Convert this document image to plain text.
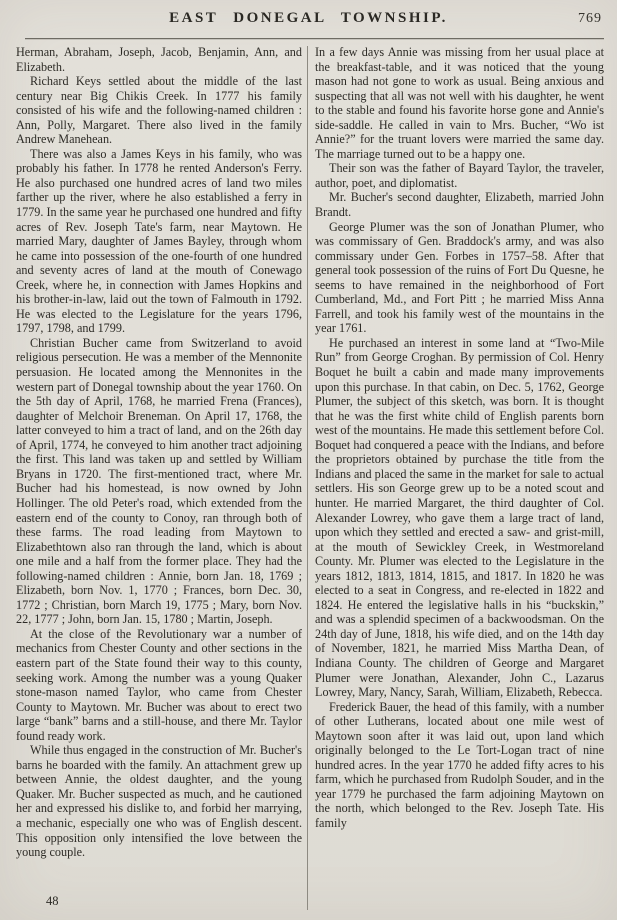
EAST DONEGAL TOWNSHIP.	769

Herman, Abraham, Joseph, Jacob, Benjamin, Ann, and Elizabeth.

Richard Keys settled about the middle of the last century near Big Chikis Creek. In 1777 his family consisted of his wife and the following-named children : Ann, Polly, Margaret. There also lived in the family Andrew Manehean.

There was also a James Keys in his family, who was probably his father. In 1778 he rented Anderson's Ferry. He also purchased one hundred acres of land two miles farther up the river, where he also established a ferry in 1779. In the same year he purchased one hundred and fifty acres of Rev. Joseph Tate's farm, near Maytown. He married Mary, daughter of James Bayley, through whom he came into possession of the one-fourth of one hundred and seventy acres of land at the mouth of Conewago Creek, where he, in connection with James Hopkins and his brother-in-law, laid out the town of Falmouth in 1792. He was elected to the Legislature for the years 1796, 1797, 1798, and 1799.

Christian Bucher came from Switzerland to avoid religious persecution. He was a member of the Mennonite persuasion. He located among the Mennonites in the western part of Donegal township about the year 1760. On the 5th day of April, 1768, he married Frena (Frances), daughter of Melchoir Breneman. On April 17, 1768, the latter conveyed to him a tract of land, and on the 26th day of April, 1774, he conveyed to him another tract adjoining the first. This land was taken up and settled by William Bryans in 1720. The first-mentioned tract, where Mr. Bucher had his homestead, is now owned by John Hollinger. The old Peter's road, which extended from the eastern end of the county to Conoy, ran through both of these farms. The road leading from Maytown to Elizabethtown also ran through the land, which is about one mile and a half from the former place. They had the following-named children : Annie, born Jan. 18, 1769 ; Elizabeth, born Nov. 1, 1770 ; Frances, born Dec. 30, 1772 ; Christian, born March 19, 1775 ; Mary, born Nov. 22, 1777 ; John, born Jan. 15, 1780 ; Martin, Joseph.

At the close of the Revolutionary war a number of mechanics from Chester County and other sections in the eastern part of the State found their way to this county, seeking work. Among the number was a young Quaker stone-mason named Taylor, who came from Chester County to Maytown. Mr. Bucher was about to erect two large “bank” barns and a still-house, and there Mr. Taylor found ready work.

While thus engaged in the construction of Mr. Bucher's barns he boarded with the family. An attachment grew up between Annie, the oldest daughter, and the young Quaker. Mr. Bucher suspected as much, and he cautioned her and expressed his dislike to, and forbid her marrying, a mechanic, especially one who was of English descent. This opposition only intensified the love between the young couple.

In a few days Annie was missing from her usual place at the breakfast-table, and it was noticed that the young mason had not gone to work as usual. Being anxious and suspecting that all was not well with his daughter, he went to the stable and found his favorite horse gone and Annie's side-saddle. He called in vain to Mrs. Bucher, “Wo ist Annie?” for the truant lovers were married the same day. The marriage turned out to be a happy one.

Their son was the father of Bayard Taylor, the traveler, author, poet, and diplomatist.

Mr. Bucher's second daughter, Elizabeth, married John Brandt.

George Plumer was the son of Jonathan Plumer, who was commissary of Gen. Braddock's army, and was also commissary under Gen. Forbes in 1757–58. After that general took possession of the ruins of Fort Du Quesne, he seems to have remained in the neighborhood of Fort Cumberland, Md., and Fort Pitt ; he married Miss Anna Farrell, and took his family west of the mountains in the year 1761.

He purchased an interest in some land at “Two-Mile Run” from George Croghan. By permission of Col. Henry Boquet he built a cabin and made many improvements upon this purchase. In that cabin, on Dec. 5, 1762, George Plumer, the subject of this sketch, was born. It is thought that he was the first white child of English parents born west of the mountains. He made this settlement before Col. Boquet had conquered a peace with the Indians, and before the proprietors obtained by purchase the title from the Indians and placed the same in the market for sale to actual settlers. His son George grew up to be a noted scout and hunter. He married Margaret, the third daughter of Col. Alexander Lowrey, who gave them a large tract of land, upon which they settled and erected a saw- and grist-mill, at the mouth of Sewickley Creek, in Westmoreland County. Mr. Plumer was elected to the Legislature in the years 1812, 1813, 1814, 1815, and 1817. In 1820 he was elected to a seat in Congress, and re-elected in 1822 and 1824. He entered the legislative halls in his “buckskin,” and was a splendid specimen of a backwoodsman. On the 24th day of June, 1818, his wife died, and on the 14th day of November, 1821, he married Miss Martha Dean, of Indiana County. The children of George and Margaret Plumer were Jonathan, Alexander, John C., Lazarus Lowrey, Mary, Nancy, Sarah, William, Elizabeth, Rebecca.

Frederick Bauer, the head of this family, with a number of other Lutherans, located about one mile west of Maytown soon after it was laid out, upon land which originally belonged to the Le Tort-Logan tract of nine hundred acres. In the year 1770 he added fifty acres to his farm, which he purchased from Rudolph Souder, and in the year 1779 he purchased the farm adjoining Maytown on the north, which belonged to the Rev. Joseph Tate. His family

48
